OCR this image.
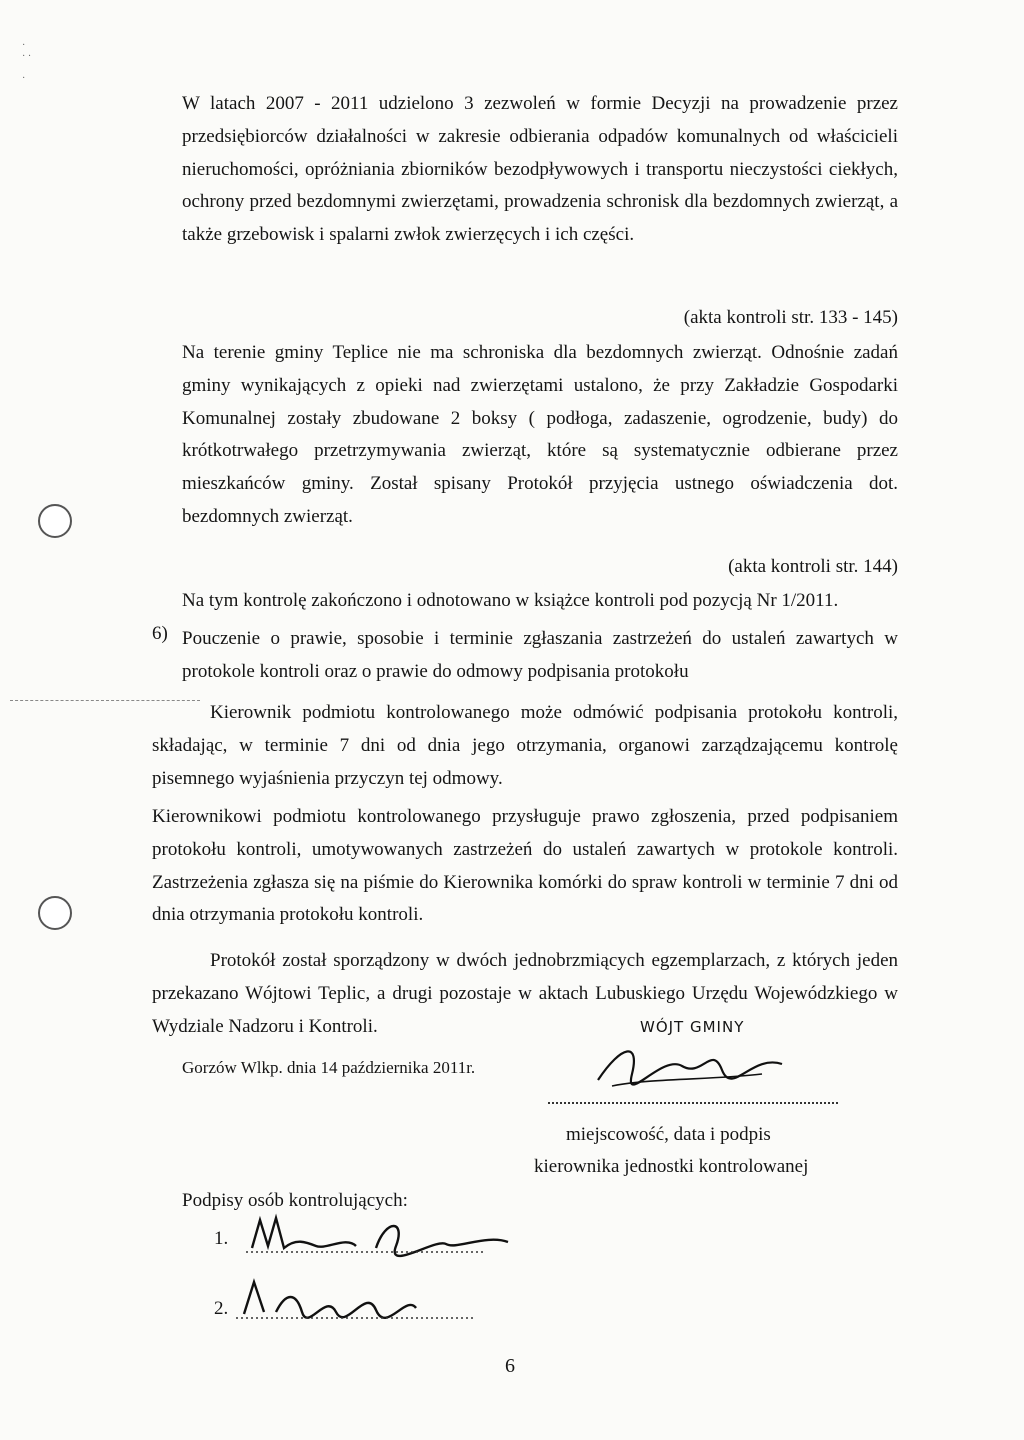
·
· ·

·
W latach 2007 - 2011 udzielono 3 zezwoleń w formie Decyzji na prowadzenie przez przedsiębiorców działalności w zakresie odbierania odpadów komunalnych od właścicieli nieruchomości, opróżniania zbiorników bezodpływowych i transportu nieczystości ciekłych, ochrony przed bezdomnymi zwierzętami, prowadzenia schronisk dla bezdomnych zwierząt, a także grzebowisk i spalarni zwłok zwierzęcych i ich części.
(akta kontroli str. 133 - 145)
Na terenie gminy Teplice nie ma schroniska dla bezdomnych zwierząt. Odnośnie zadań gminy wynikających z opieki nad zwierzętami ustalono, że przy Zakładzie Gospodarki Komunalnej zostały zbudowane 2 boksy ( podłoga, zadaszenie, ogrodzenie, budy) do krótkotrwałego przetrzymywania zwierząt, które są systematycznie odbierane przez mieszkańców gminy. Został spisany Protokół przyjęcia ustnego oświadczenia dot. bezdomnych zwierząt.
(akta kontroli str. 144)
Na tym kontrolę zakończono i odnotowano w książce kontroli pod pozycją Nr 1/2011.
6) Pouczenie o prawie, sposobie i terminie zgłaszania zastrzeżeń do ustaleń zawartych w protokole kontroli oraz o prawie do odmowy podpisania protokołu
Kierownik podmiotu kontrolowanego może odmówić podpisania protokołu kontroli, składając, w terminie 7 dni od dnia jego otrzymania, organowi zarządzającemu kontrolę pisemnego wyjaśnienia przyczyn tej odmowy.
Kierownikowi podmiotu kontrolowanego przysługuje prawo zgłoszenia, przed podpisaniem protokołu kontroli, umotywowanych zastrzeżeń do ustaleń zawartych w protokole kontroli. Zastrzeżenia zgłasza się na piśmie do Kierownika komórki do spraw kontroli w terminie 7 dni od dnia otrzymania protokołu kontroli.
Protokół został sporządzony w dwóch jednobrzmiących egzemplarzach, z których jeden przekazano Wójtowi Teplic, a drugi pozostaje w aktach Lubuskiego Urzędu Wojewódzkiego w Wydziale Nadzoru i Kontroli.	WÓJT GMINY
Gorzów Wlkp. dnia 14 października 2011r.
miejscowość, data i podpis
kierownika jednostki kontrolowanej
Podpisy osób kontrolujących:
1.
2.
6
